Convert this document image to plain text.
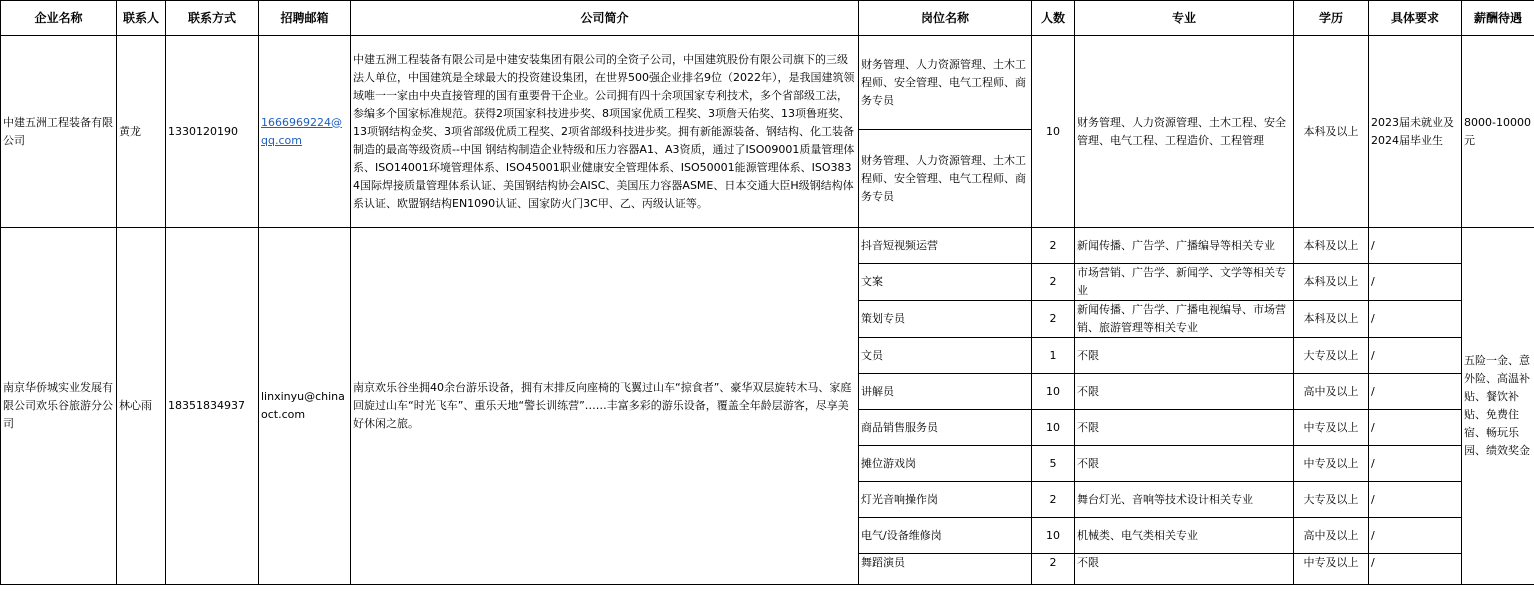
企业名称	联系人	联系方式	招聘邮箱	公司简介	岗位名称	人数	专业	学历	具体要求	薪酬待遇
中建五洲工程装备有限公司	黄龙	1330120190	1666969224@qq.com	中建五洲工程装备有限公司是中建安装集团有限公司的全资子公司，中国建筑股份有限公司旗下的三级法人单位，中国建筑是全球最大的投资建设集团，在世界500强企业排名9位（2022年），是我国建筑领域唯一一家由中央直接管理的国有重要骨干企业。公司拥有四十余项国家专利技术，多个省部级工法，参编多个国家标准规范。获得2项国家科技进步奖、8项国家优质工程奖、3项詹天佑奖、13项鲁班奖、13项钢结构金奖、3项省部级优质工程奖、2项省部级科技进步奖。拥有新能源装备、钢结构、化工装备制造的最高等级资质--中国 钢结构制造企业特级和压力容器A1、A3资质，通过了ISO09001质量管理体系、ISO14001环境管理体系、ISO45001职业健康安全管理体系、ISO50001能源管理体系、ISO3834国际焊接质量管理体系认证、美国钢结构协会AISC、美国压力容器ASME、日本交通大臣H级钢结构体系认证、欧盟钢结构EN1090认证、国家防火门3C甲、乙、丙级认证等。	财务管理、人力资源管理、土木工程师、安全管理、电气工程师、商务专员	10	财务管理、人力资源管理、土木工程、安全管理、电气工程、工程造价、工程管理	本科及以上	2023届未就业及2024届毕业生	8000-10000元
					财务管理、人力资源管理、土木工程师、安全管理、电气工程师、商务专员					
南京华侨城实业发展有限公司欢乐谷旅游分公司	林心雨	18351834937	linxinyu@chinaoct.com	南京欢乐谷坐拥40余台游乐设备，拥有末排反向座椅的飞翼过山车“掠食者”、豪华双层旋转木马、家庭回旋过山车“时光飞车”、重乐天地“警长训练营”……丰富多彩的游乐设备，覆盖全年龄层游客，尽享美好休闲之旅。	抖音短视频运营	2	新闻传播、广告学、广播编导等相关专业	本科及以上	/	五险一金、意外险、高温补贴、餐饮补贴、免费住宿、畅玩乐园、绩效奖金
					文案	2	市场营销、广告学、新闻学、文学等相关专业	本科及以上	/	
					策划专员	2	新闻传播、广告学、广播电视编导、市场营销、旅游管理等相关专业	本科及以上	/	
					文员	1	不限	大专及以上	/	
					讲解员	10	不限	高中及以上	/	
					商品销售服务员	10	不限	中专及以上	/	
					摊位游戏岗	5	不限	中专及以上	/	
					灯光音响操作岗	2	舞台灯光、音响等技术设计相关专业	大专及以上	/	
					电气/设备维修岗	10	机械类、电气类相关专业	高中及以上	/	
					舞蹈演员	2	不限	中专及以上	/	
